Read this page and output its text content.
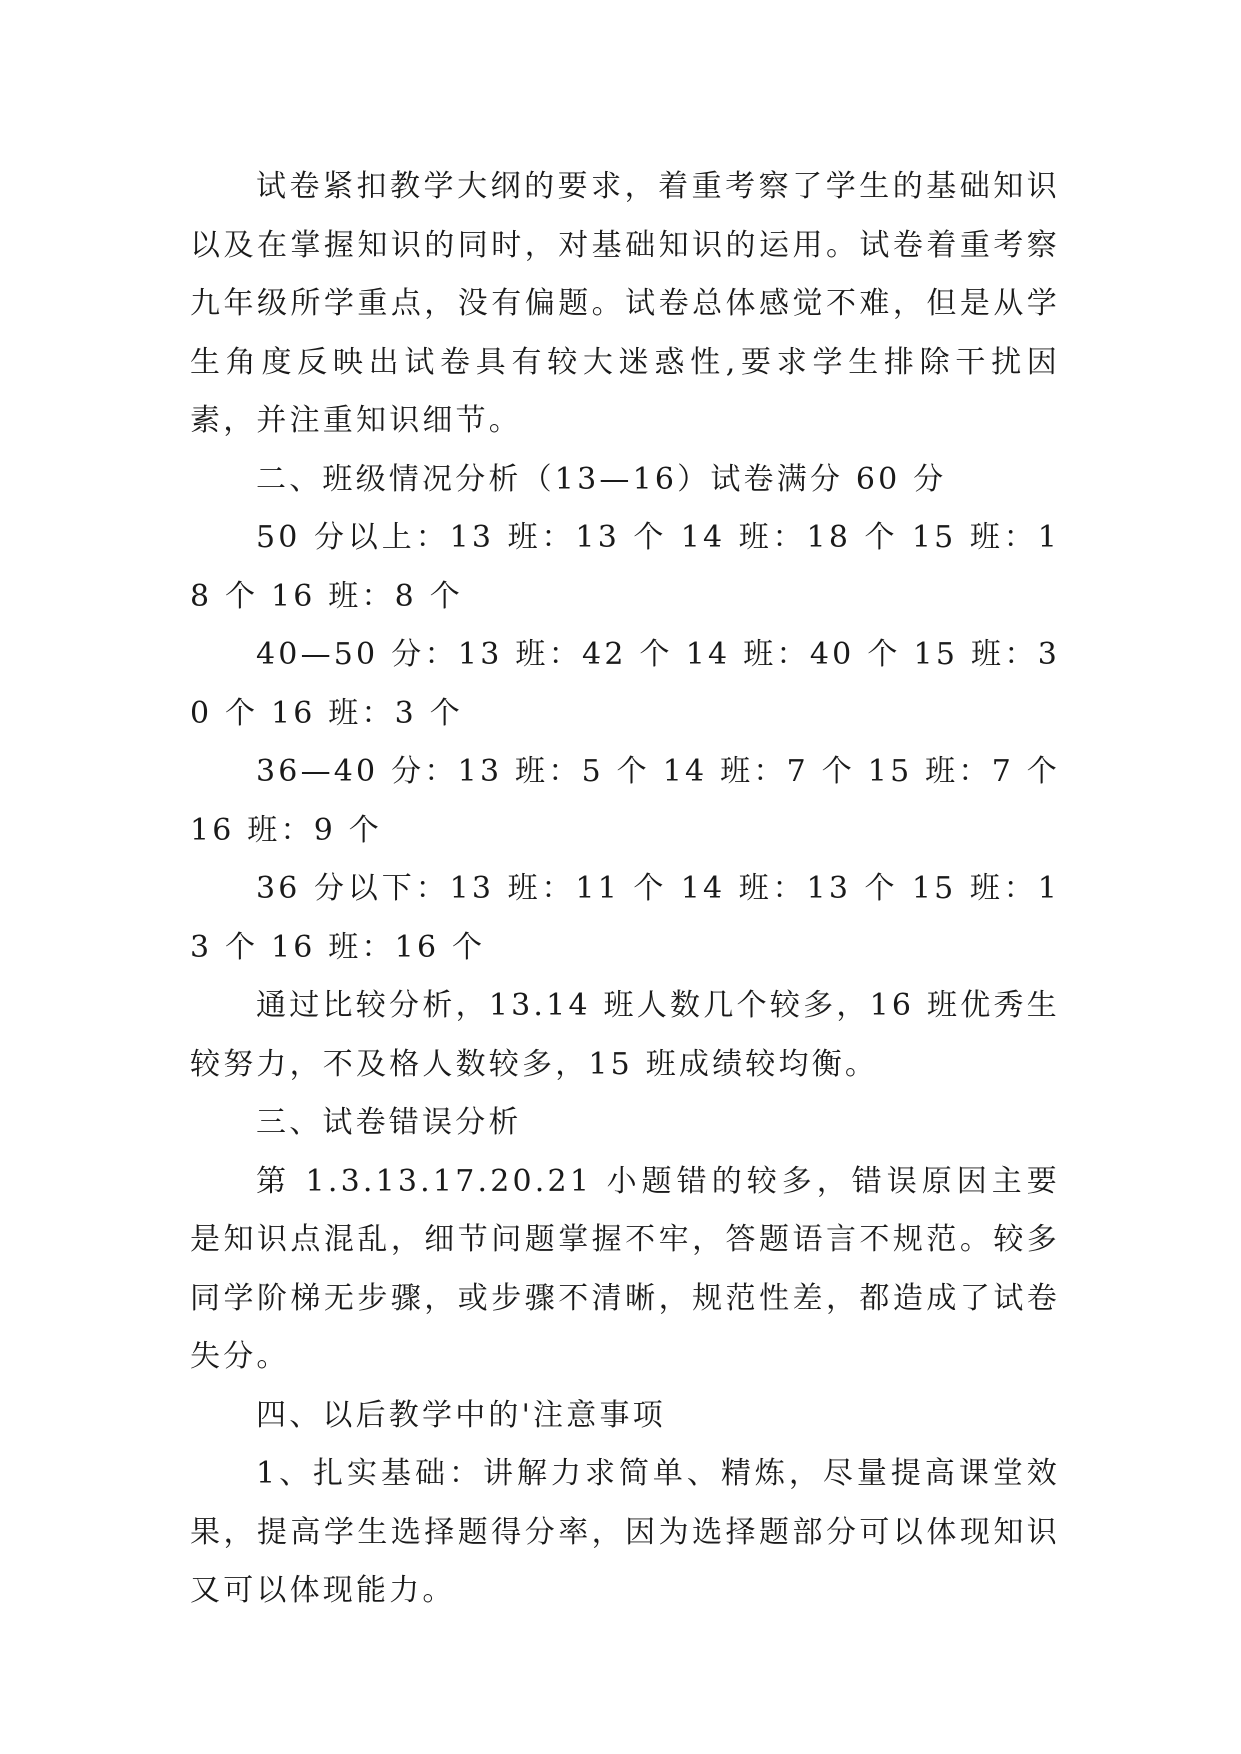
试卷紧扣教学大纲的要求，着重考察了学生的基础知识以及在掌握知识的同时，对基础知识的运用。试卷着重考察九年级所学重点，没有偏题。试卷总体感觉不难，但是从学生角度反映出试卷具有较大迷惑性,要求学生排除干扰因素，并注重知识细节。

二、班级情况分析（13—16）试卷满分 60 分

50 分以上：13 班：13 个 14 班：18 个 15 班：18 个 16 班：8 个

40—50 分：13 班：42 个 14 班：40 个 15 班：30 个 16 班：3 个

36—40 分：13 班：5 个 14 班：7 个 15 班：7 个 16 班：9 个

36 分以下：13 班：11 个 14 班：13 个 15 班：13 个 16 班：16 个

通过比较分析，13.14 班人数几个较多，16 班优秀生较努力，不及格人数较多，15 班成绩较均衡。

三、试卷错误分析

第 1.3.13.17.20.21 小题错的较多，错误原因主要是知识点混乱，细节问题掌握不牢，答题语言不规范。较多同学阶梯无步骤，或步骤不清晰，规范性差，都造成了试卷失分。

四、以后教学中的'注意事项

1、扎实基础：讲解力求简单、精炼，尽量提高课堂效果，提高学生选择题得分率，因为选择题部分可以体现知识又可以体现能力。
